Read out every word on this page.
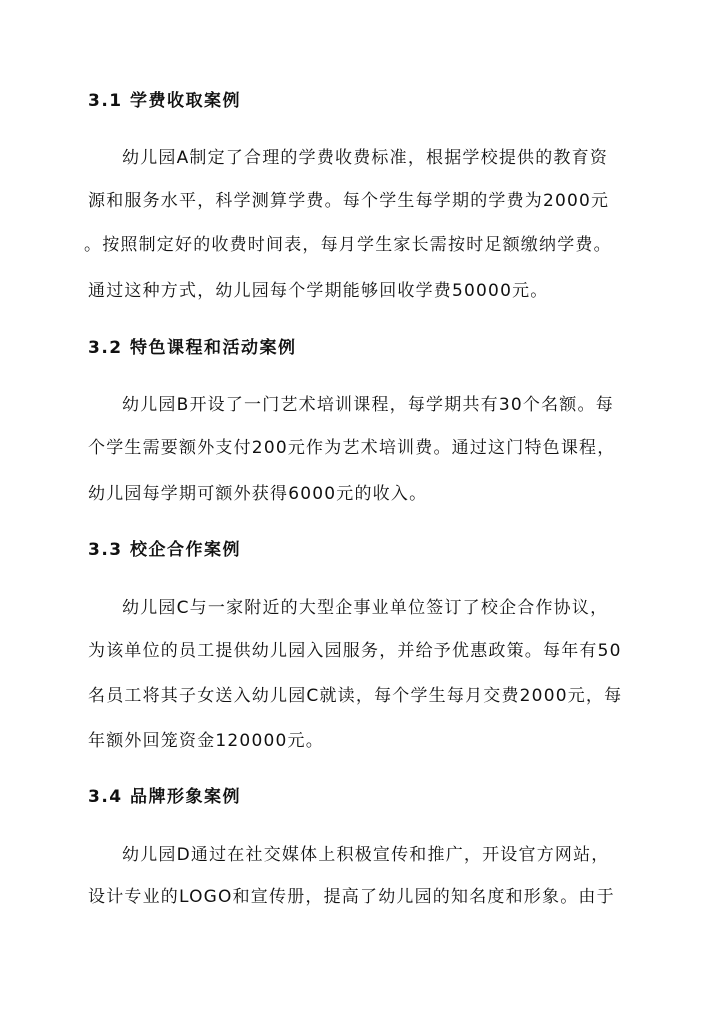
3.1 学费收取案例
幼儿园A制定了合理的学费收费标准，根据学校提供的教育资
源和服务水平，科学测算学费。每个学生每学期的学费为2000元
。按照制定好的收费时间表，每月学生家长需按时足额缴纳学费。
通过这种方式，幼儿园每个学期能够回收学费50000元。
3.2 特色课程和活动案例
幼儿园B开设了一门艺术培训课程，每学期共有30个名额。每
个学生需要额外支付200元作为艺术培训费。通过这门特色课程，
幼儿园每学期可额外获得6000元的收入。
3.3 校企合作案例
幼儿园C与一家附近的大型企事业单位签订了校企合作协议，
为该单位的员工提供幼儿园入园服务，并给予优惠政策。每年有50
名员工将其子女送入幼儿园C就读，每个学生每月交费2000元，每
年额外回笼资金120000元。
3.4 品牌形象案例
幼儿园D通过在社交媒体上积极宣传和推广，开设官方网站，
设计专业的LOGO和宣传册，提高了幼儿园的知名度和形象。由于
